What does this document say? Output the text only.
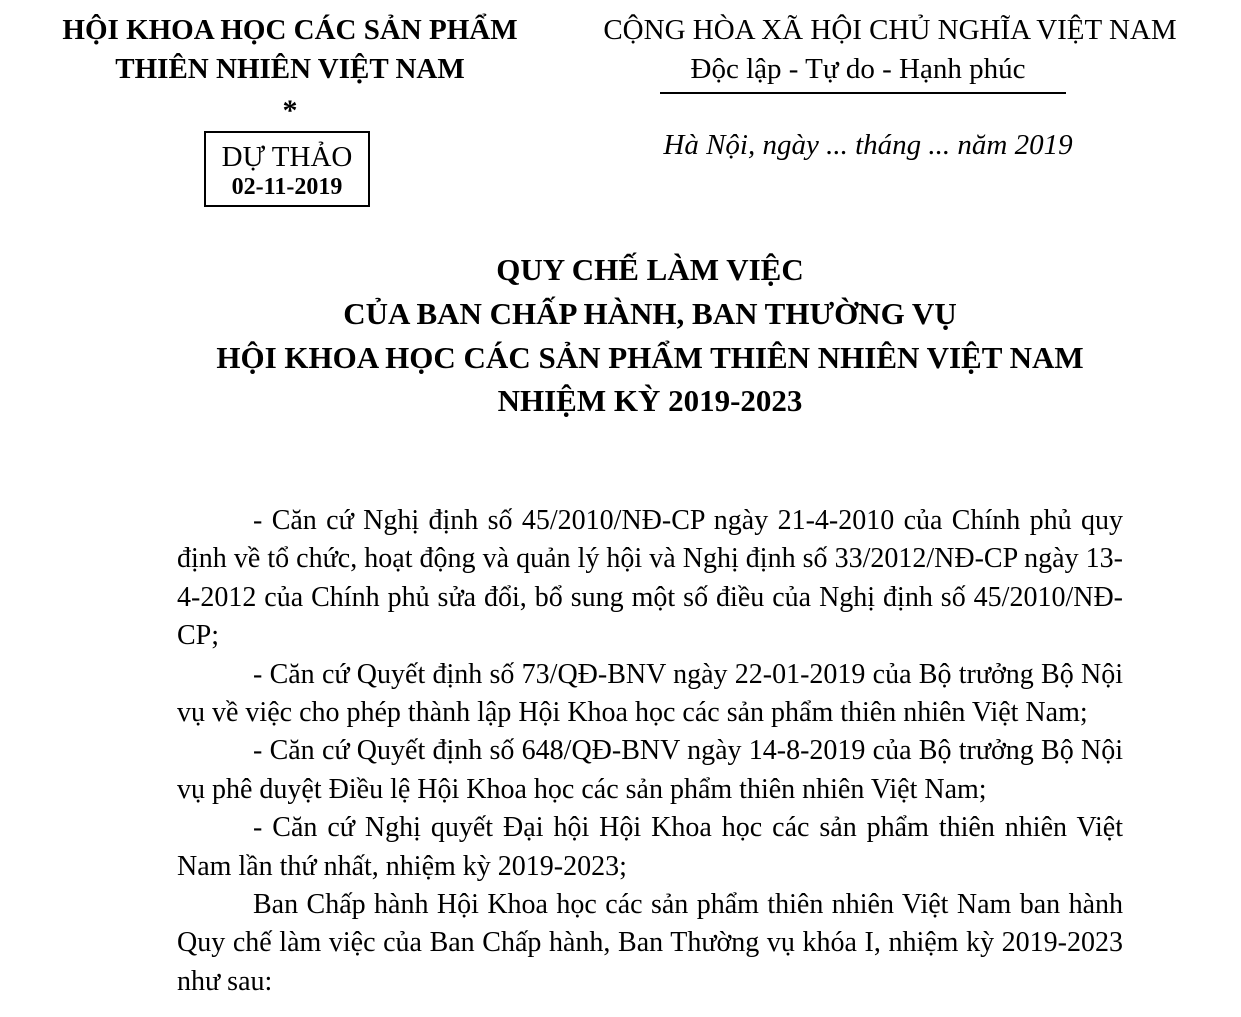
HỘI KHOA HỌC CÁC SẢN PHẨM
THIÊN NHIÊN VIỆT NAM
*
DỰ THẢO
02-11-2019
CỘNG HÒA XÃ HỘI CHỦ NGHĨA VIỆT NAM
Độc lập - Tự do - Hạnh phúc
Hà Nội, ngày ... tháng ... năm 2019
QUY CHẾ LÀM VIỆC
CỦA BAN CHẤP HÀNH, BAN THƯỜNG VỤ
HỘI KHOA HỌC CÁC SẢN PHẨM THIÊN NHIÊN VIỆT NAM
NHIỆM KỲ 2019-2023

- Căn cứ Nghị định số 45/2010/NĐ-CP ngày 21-4-2010 của Chính phủ quy định về tổ chức, hoạt động và quản lý hội và Nghị định số 33/2012/NĐ-CP ngày 13-4-2012 của Chính phủ sửa đổi, bổ sung một số điều của Nghị định số 45/2010/NĐ-CP;

- Căn cứ Quyết định số 73/QĐ-BNV ngày 22-01-2019 của Bộ trưởng Bộ Nội vụ về việc cho phép thành lập Hội Khoa học các sản phẩm thiên nhiên Việt Nam;

- Căn cứ Quyết định số 648/QĐ-BNV ngày 14-8-2019 của Bộ trưởng Bộ Nội vụ phê duyệt Điều lệ Hội Khoa học các sản phẩm thiên nhiên Việt Nam;

- Căn cứ Nghị quyết Đại hội Hội Khoa học các sản phẩm thiên nhiên Việt Nam lần thứ nhất, nhiệm kỳ 2019-2023;

Ban Chấp hành Hội Khoa học các sản phẩm thiên nhiên Việt Nam ban hành Quy chế làm việc của Ban Chấp hành, Ban Thường vụ khóa I, nhiệm kỳ 2019-2023 như sau:
